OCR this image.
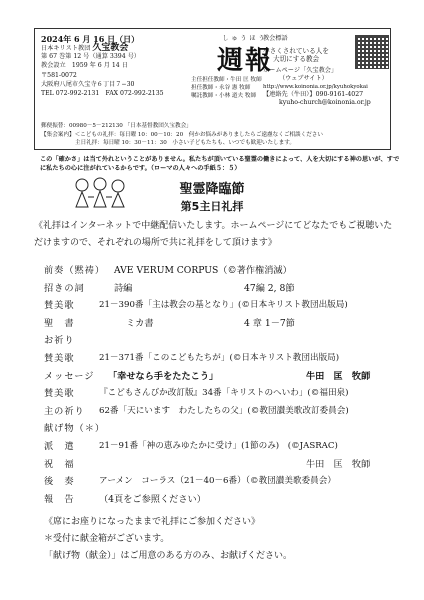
2024年 6 月 16 日（日）
日本キリスト教団 久宝教会
第 67 巻第 12 号（通算 3394 号）
教会設立　1959 年 6 月 14 日
〒581-0072
大阪府八尾市久宝寺６丁目７−30
TEL 072-992-2131　FAX 072-992-2135
しゅうほう
週報
主任担任教師・牛田 匡 牧師
担任教師・永谷 憲 牧師
嘱託教師・小林 道夫 牧師
教会標語
小さくされている人を
大切にする教会
ホームページ「久宝教会」
（ウェブサイト）
http://www.koinonia.or.jp/kyuhokyokai
【連絡先（牛田）】090-9161-4027
kyuho-church@koinonia.or.jp
郵便振替：00980－5－212130 「日本基督教団久宝教会」
【集会案内】＜こどもの礼拝：毎日曜 10：00－10：20　何かお悩みがありましたらご遠慮なくご相談ください
主日礼拝：毎日曜 10：30－11：30　小さい子どもたちも、いつでも歓迎いたします。
この「確かさ」は当て外れということがありません。私たちが頂いている聖霊の働きによって、人を大切にする神の思いが、すでに私たちの心に注がれているからです。（ローマの人々への手紙５：５）
聖霊降臨節
第5主日礼拝
《礼拝はインターネットで中継配信いたします。ホームページにてどなたでもご視聴いただけますので、それぞれの場所で共に礼拝をして頂けます》
前奏（黙祷） AVE VERUM CORPUS（©著作権消滅）
招きの詞	詩編	47編 2, 8節
賛美歌	21－390番「主は教会の基となり」(©日本キリスト教団出版局)
聖　書	ミカ書	4 章 1－7節
お祈り
賛美歌	21－371番「このこどもたちが」(©日本キリスト教団出版局)
メッセージ 「幸せなら手をたたこう」	牛田　匡　牧師
賛美歌	『こどもさんびか改訂版』34番「キリストのへいわ」(©福田泉)
主の祈り 62番「天にいます　わたしたちの父」(©教団讃美歌改訂委員会)
献げ物（＊）
派　遣	21－91番「神の恵みゆたかに受け」(1節のみ)　(©JASRAC)
祝　福	牛田　匡　牧師
後　奏	アーメン　コーラス（21－40－6番）（©教団讃美歌委員会）
報　告	（4頁をご参照ください）
《席にお座りになったままで礼拝にご参加ください》
＊受付に献金箱がございます。
「献げ物（献金）」はご用意のある方のみ、お献げください。
